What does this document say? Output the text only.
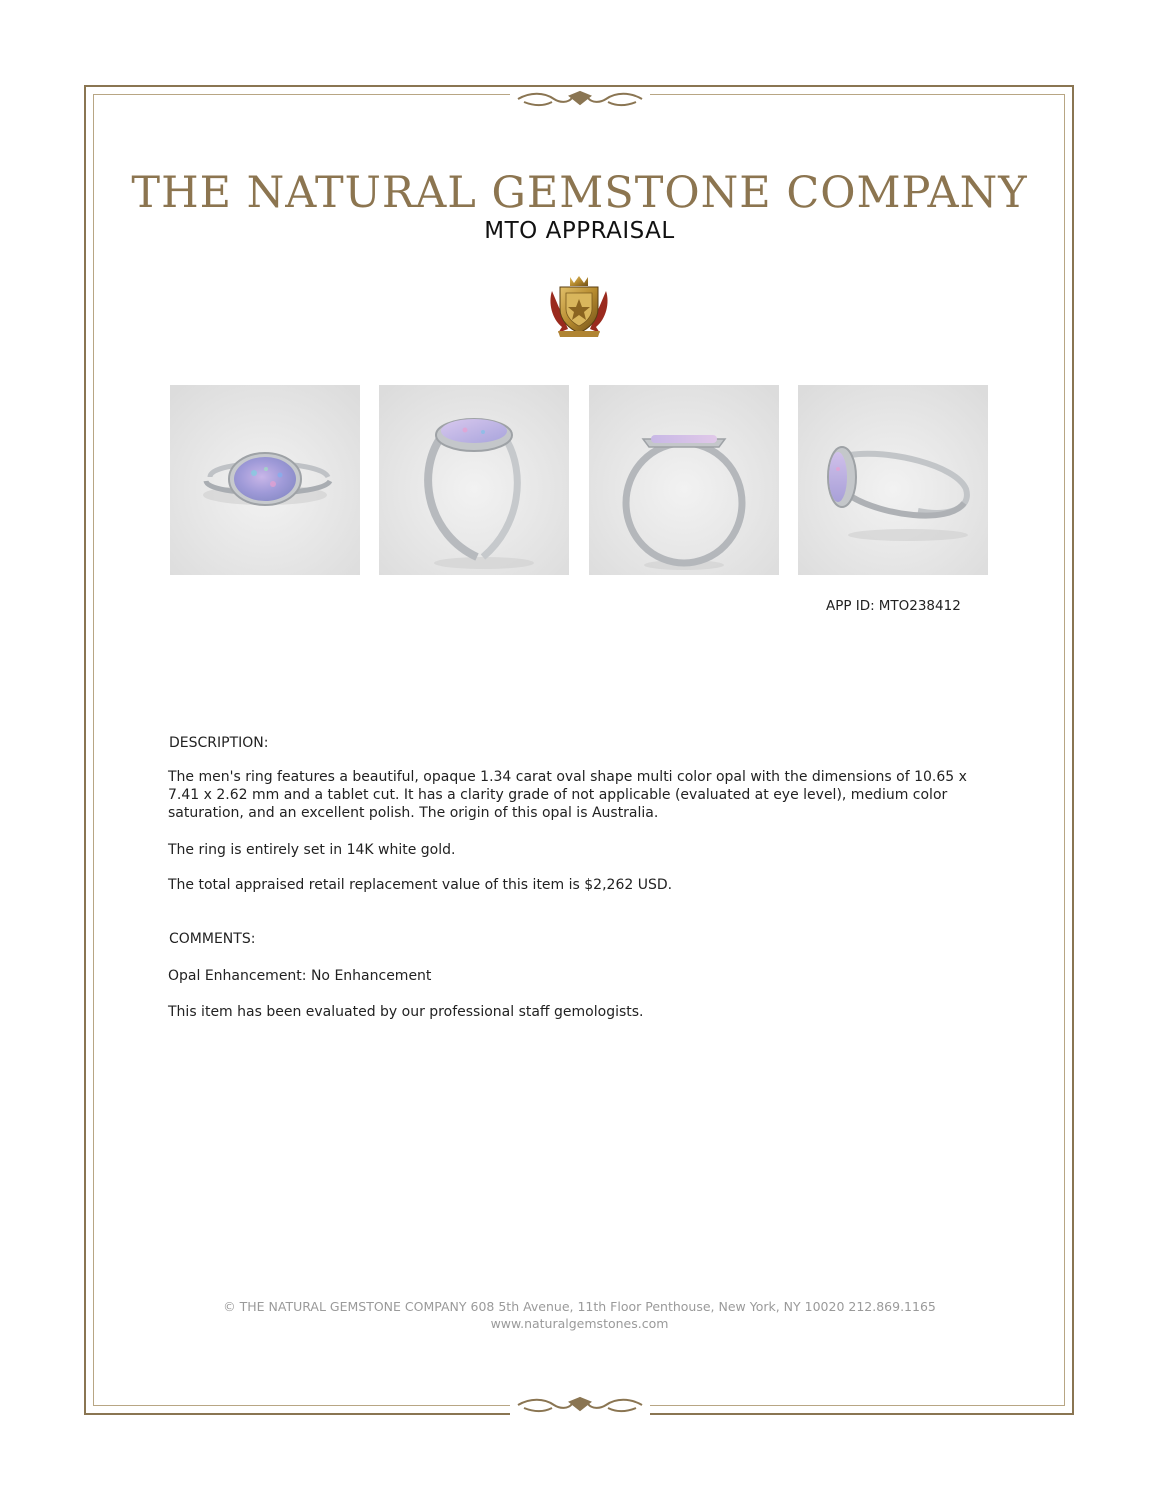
THE NATURAL GEMSTONE COMPANY
MTO APPRAISAL
APP ID: MTO238412
DESCRIPTION:

The men's ring features a beautiful, opaque 1.34 carat oval shape multi color opal with the dimensions of 10.65 x 7.41 x 2.62 mm and a tablet cut. It has a clarity grade of not applicable (evaluated at eye level), medium color saturation, and an excellent polish. The origin of this opal is Australia.

The ring is entirely set in 14K white gold.

The total appraised retail replacement value of this item is $2,262 USD.

COMMENTS:

Opal Enhancement: No Enhancement

This item has been evaluated by our professional staff gemologists.

© THE NATURAL GEMSTONE COMPANY 608 5th Avenue, 11th Floor Penthouse, New York, NY 10020 212.869.1165
www.naturalgemstones.com
